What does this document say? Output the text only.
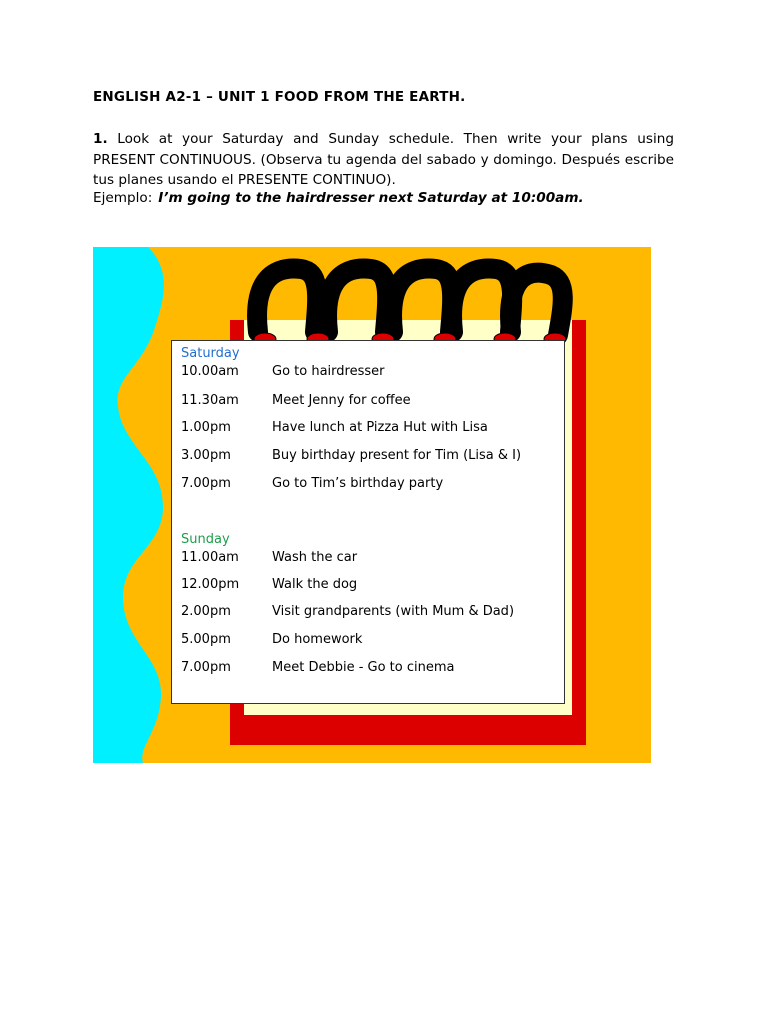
ENGLISH A2-1 – UNIT 1 FOOD FROM THE EARTH.
1. Look at your Saturday and Sunday schedule. Then write your plans using PRESENT CONTINUOUS. (Observa tu agenda del sabado y domingo. Después escribe tus planes usando el PRESENTE CONTINUO).
Ejemplo: I’m going to the hairdresser next Saturday at 10:00am.
Saturday
10.00am	Go to hairdresser
11.30am	Meet Jenny for coffee
1.00pm	Have lunch at Pizza Hut with Lisa
3.00pm	Buy birthday present for Tim (Lisa & I)
7.00pm	Go to Tim’s birthday party
Sunday
11.00am	Wash the car
12.00pm	Walk the dog
2.00pm	Visit grandparents (with Mum & Dad)
5.00pm	Do homework
7.00pm	Meet Debbie - Go to cinema
